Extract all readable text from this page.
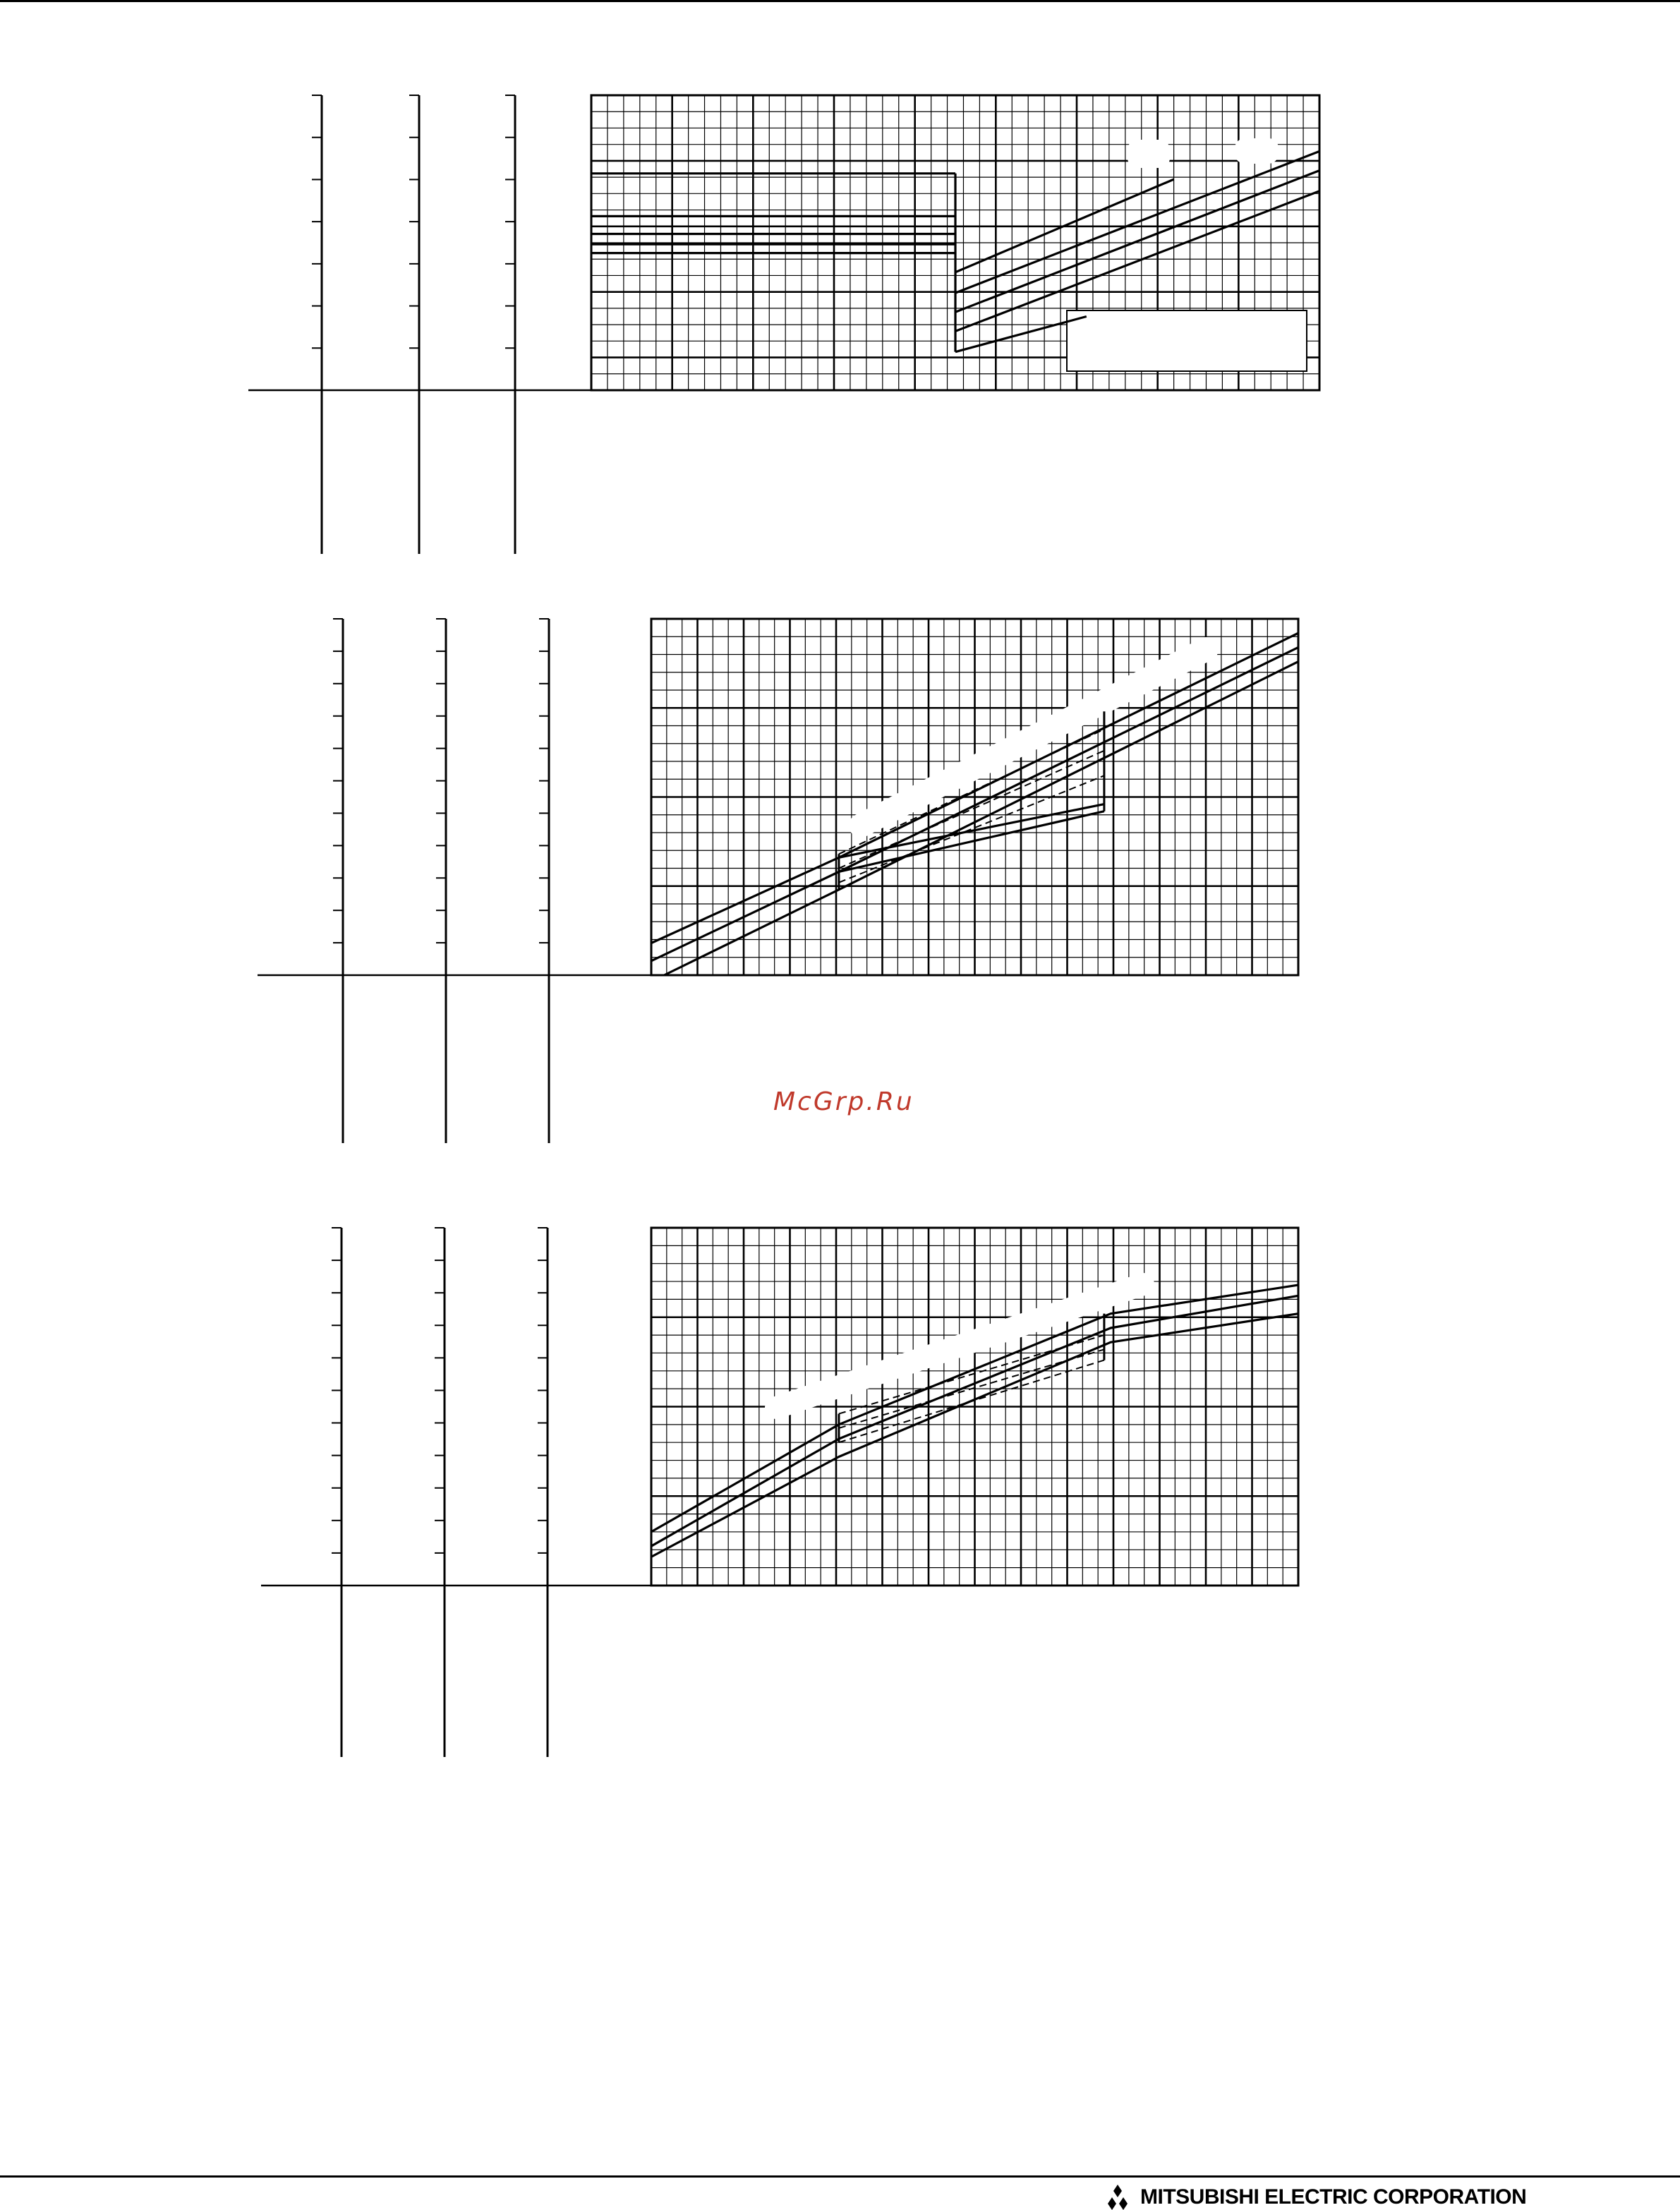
McGrp.Ru
MITSUBISHI ELECTRIC CORPORATION
